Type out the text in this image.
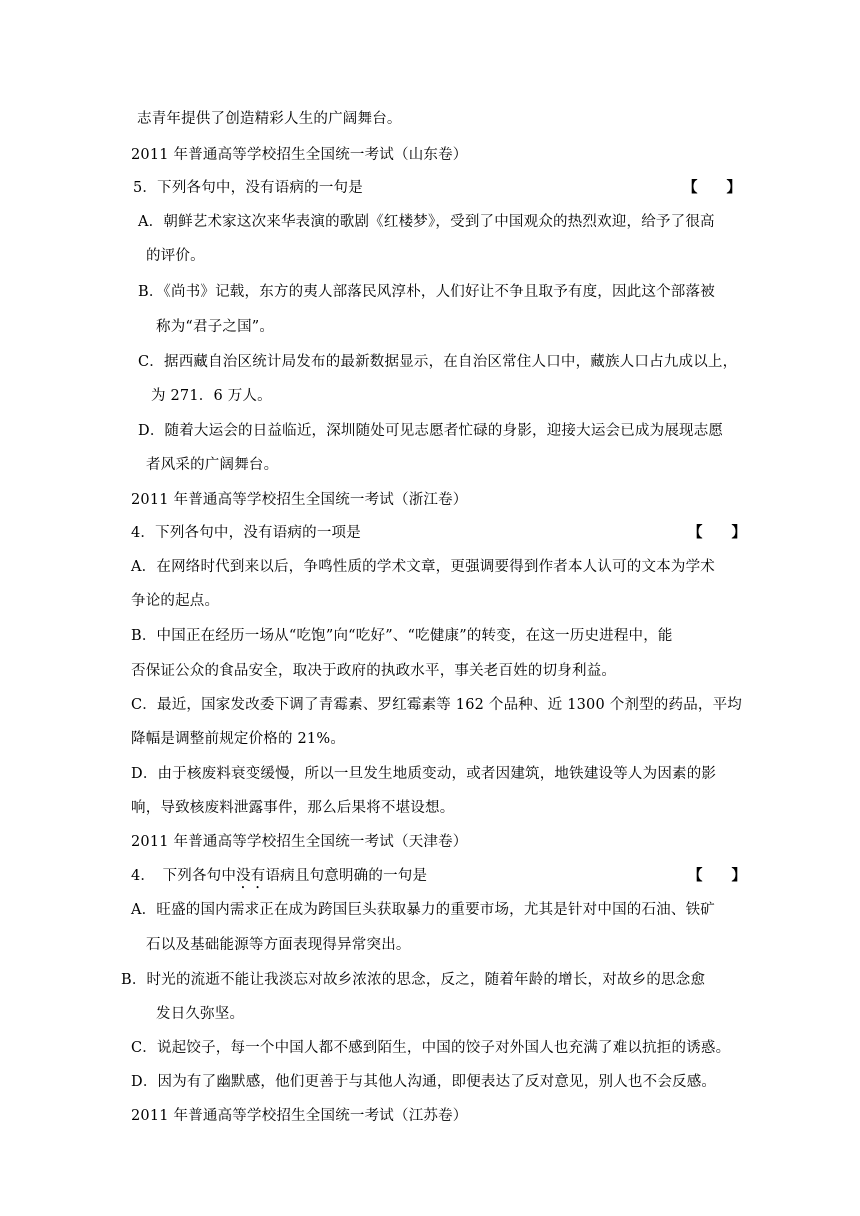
志青年提供了创造精彩人生的广阔舞台。
2011 年普通高等学校招生全国统一考试（山东卷）
5．下列各句中，没有语病的一句是	【　　】
A．朝鲜艺术家这次来华表演的歌剧《红楼梦》，受到了中国观众的热烈欢迎，给予了很高
的评价。
B．《尚书》记载，东方的夷人部落民风淳朴，人们好让不争且取予有度，因此这个部落被
称为“君子之国”。
C．据西藏自治区统计局发布的最新数据显示，在自治区常住人口中，藏族人口占九成以上，
为 271．6 万人。
D．随着大运会的日益临近，深圳随处可见志愿者忙碌的身影，迎接大运会已成为展现志愿
者风采的广阔舞台。
2011 年普通高等学校招生全国统一考试（浙江卷）
4．下列各句中，没有语病的一项是	【　　】
A．在网络时代到来以后，争鸣性质的学术文章，更强调要得到作者本人认可的文本为学术
争论的起点。
B．中国正在经历一场从“吃饱”向“吃好”、“吃健康”的转变，在这一历史进程中，能
否保证公众的食品安全，取决于政府的执政水平，事关老百姓的切身利益。
C．最近，国家发改委下调了青霉素、罗红霉素等 162 个品种、近 1300 个剂型的药品，平均
降幅是调整前规定价格的 21%。
D．由于核废料衰变缓慢，所以一旦发生地质变动，或者因建筑，地铁建设等人为因素的影
响，导致核废料泄露事件，那么后果将不堪设想。
2011 年普通高等学校招生全国统一考试（天津卷）
4．　下列各句中没有语病且句意明确的一句是	【　　】
A．旺盛的国内需求正在成为跨国巨头获取暴力的重要市场，尤其是针对中国的石油、铁矿
石以及基础能源等方面表现得异常突出。
B．时光的流逝不能让我淡忘对故乡浓浓的思念，反之，随着年龄的增长，对故乡的思念愈
发日久弥坚。
C．说起饺子，每一个中国人都不感到陌生，中国的饺子对外国人也充满了难以抗拒的诱惑。
D．因为有了幽默感，他们更善于与其他人沟通，即便表达了反对意见，别人也不会反感。
2011 年普通高等学校招生全国统一考试（江苏卷）
